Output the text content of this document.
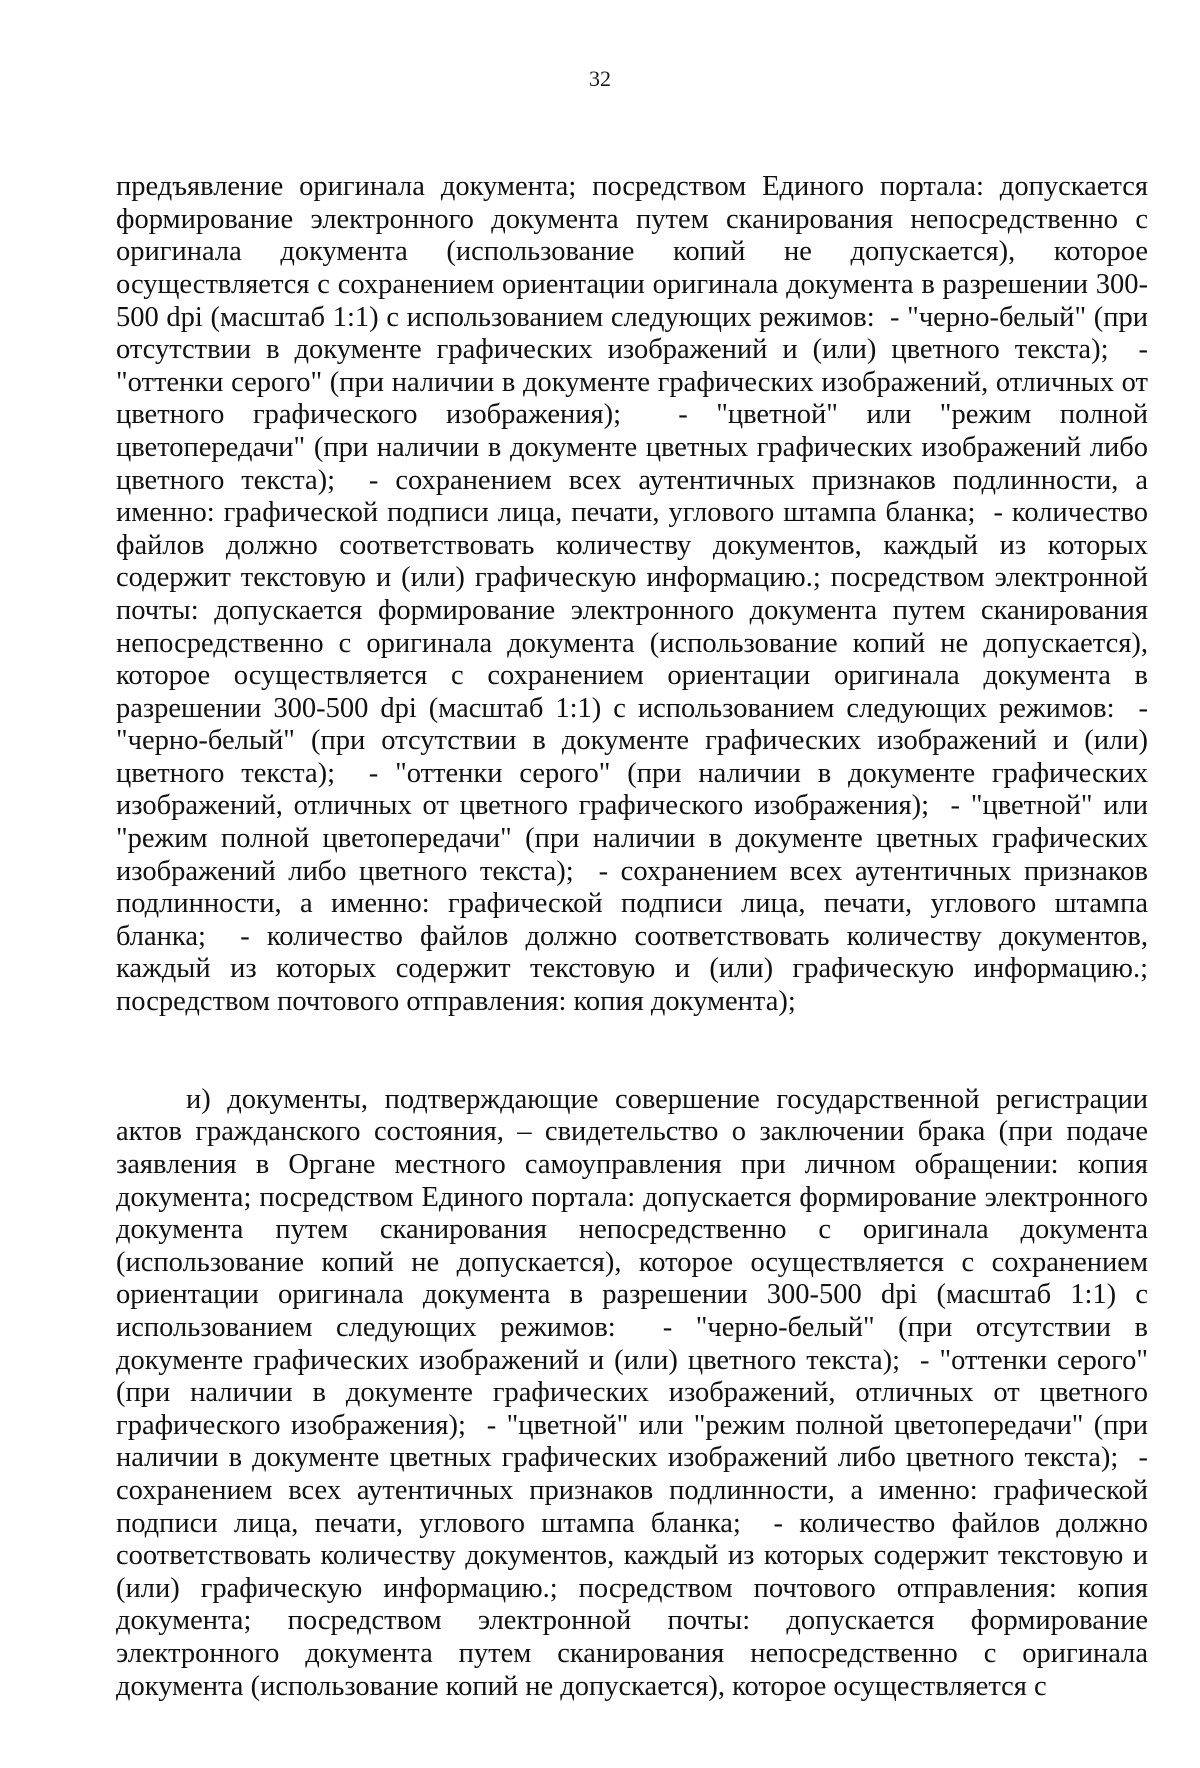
32

предъявление оригинала документа; посредством Единого портала: допускается формирование электронного документа путем сканирования непосредственно с оригинала документа (использование копий не допускается), которое осуществляется с сохранением ориентации оригинала документа в разрешении 300-500 dpi (масштаб 1:1) с использованием следующих режимов:  - "черно-белый" (при отсутствии в документе графических изображений и (или) цветного текста);  - "оттенки серого" (при наличии в документе графических изображений, отличных от цветного графического изображения);  - "цветной" или "режим полной цветопередачи" (при наличии в документе цветных графических изображений либо цветного текста);  - сохранением всех аутентичных признаков подлинности, а именно: графической подписи лица, печати, углового штампа бланка;  - количество файлов должно соответствовать количеству документов, каждый из которых содержит текстовую и (или) графическую информацию.; посредством электронной почты: допускается формирование электронного документа путем сканирования непосредственно с оригинала документа (использование копий не допускается), которое осуществляется с сохранением ориентации оригинала документа в разрешении 300-500 dpi (масштаб 1:1) с использованием следующих режимов:  - "черно-белый" (при отсутствии в документе графических изображений и (или) цветного текста);  - "оттенки серого" (при наличии в документе графических изображений, отличных от цветного графического изображения);  - "цветной" или "режим полной цветопередачи" (при наличии в документе цветных графических изображений либо цветного текста);  - сохранением всех аутентичных признаков подлинности, а именно: графической подписи лица, печати, углового штампа бланка;  - количество файлов должно соответствовать количеству документов, каждый из которых содержит текстовую и (или) графическую информацию.; посредством почтового отправления: копия документа);

и) документы, подтверждающие совершение государственной регистрации актов гражданского состояния, – свидетельство о заключении брака (при подаче заявления в Органе местного самоуправления при личном обращении: копия документа; посредством Единого портала: допускается формирование электронного документа путем сканирования непосредственно с оригинала документа (использование копий не допускается), которое осуществляется с сохранением ориентации оригинала документа в разрешении 300-500 dpi (масштаб 1:1) с использованием следующих режимов:  - "черно-белый" (при отсутствии в документе графических изображений и (или) цветного текста);  - "оттенки серого" (при наличии в документе графических изображений, отличных от цветного графического изображения);  - "цветной" или "режим полной цветопередачи" (при наличии в документе цветных графических изображений либо цветного текста);  - сохранением всех аутентичных признаков подлинности, а именно: графической подписи лица, печати, углового штампа бланка;  - количество файлов должно соответствовать количеству документов, каждый из которых содержит текстовую и (или) графическую информацию.; посредством почтового отправления: копия документа; посредством электронной почты: допускается формирование электронного документа путем сканирования непосредственно с оригинала документа (использование копий не допускается), которое осуществляется с
